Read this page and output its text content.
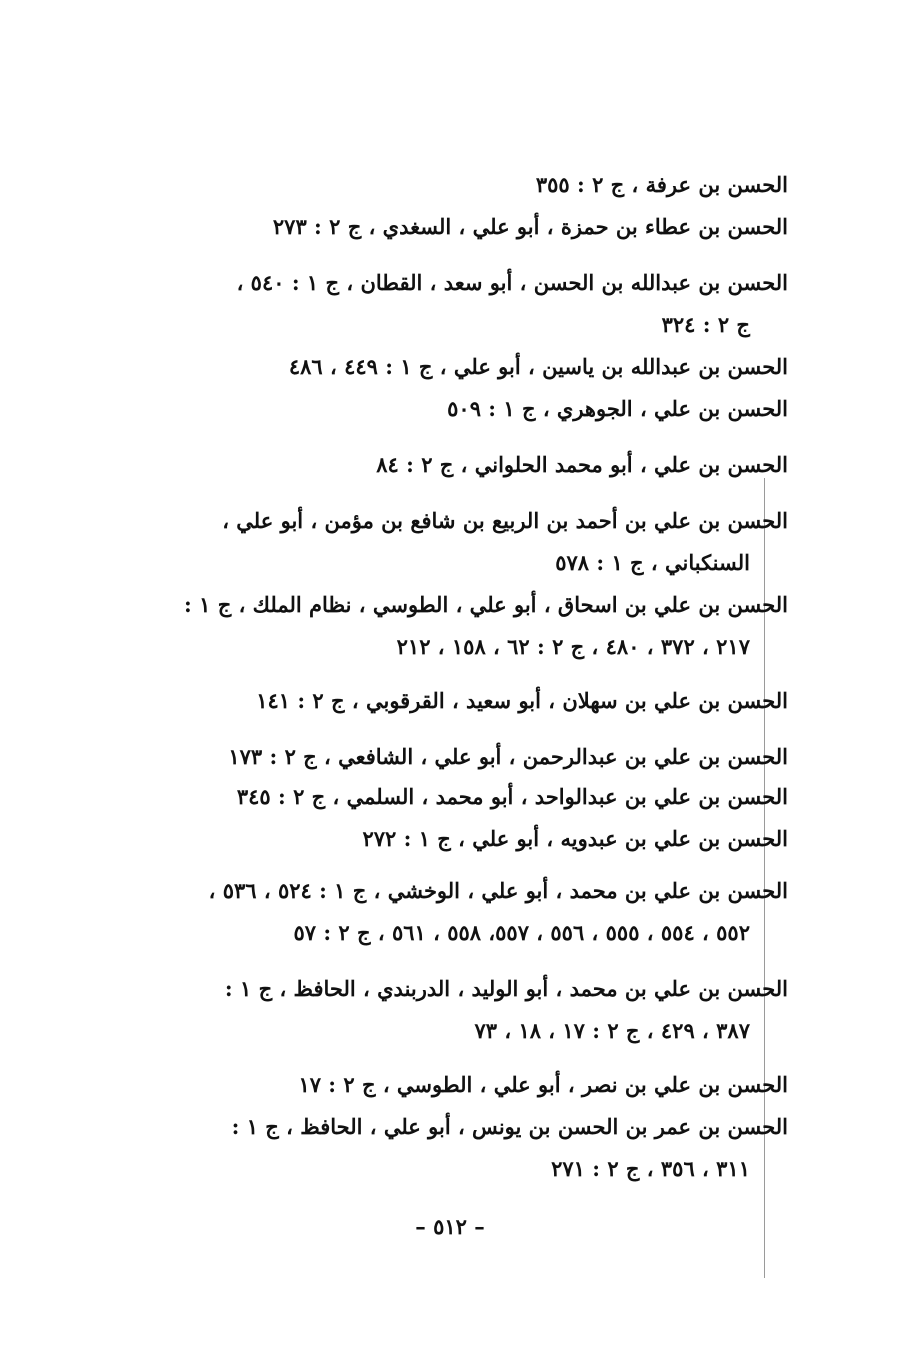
الحسن بن عرفة ، ج ٢ : ٣٥٥
الحسن بن عطاء بن حمزة ، أبو علي ، السغدي ، ج ٢ : ٢٧٣
الحسن بن عبدالله بن الحسن ، أبو سعد ، القطان ، ج ١ : ٥٤٠ ،
ج ٢ : ٣٢٤
الحسن بن عبدالله بن ياسين ، أبو علي ، ج ١ : ٤٤٩ ، ٤٨٦
الحسن بن علي ، الجوهري ، ج ١ : ٥٠٩
الحسن بن علي ، أبو محمد الحلواني ، ج ٢ : ٨٤
الحسن بن علي بن أحمد بن الربيع بن شافع بن مؤمن ، أبو علي ،
السنكباني ، ج ١ : ٥٧٨
الحسن بن علي بن اسحاق ، أبو علي ، الطوسي ، نظام الملك ، ج ١ :
٢١٧ ، ٣٧٢ ، ٤٨٠ ، ج ٢ : ٦٢ ، ١٥٨ ، ٢١٢
الحسن بن علي بن سهلان ، أبو سعيد ، القرقوبي ، ج ٢ : ١٤١
الحسن بن علي بن عبدالرحمن ، أبو علي ، الشافعي ، ج ٢ : ١٧٣
الحسن بن علي بن عبدالواحد ، أبو محمد ، السلمي ، ج ٢ : ٣٤٥
الحسن بن علي بن عبدويه ، أبو علي ، ج ١ : ٢٧٢
الحسن بن علي بن محمد ، أبو علي ، الوخشي ، ج ١ : ٥٢٤ ، ٥٣٦ ،
٥٥٢ ، ٥٥٤ ، ٥٥٥ ، ٥٥٦ ، ٥٥٧، ٥٥٨ ، ٥٦١ ، ج ٢ : ٥٧
الحسن بن علي بن محمد ، أبو الوليد ، الدربندي ، الحافظ ، ج ١ :
٣٨٧ ، ٤٢٩ ، ج ٢ : ١٧ ، ١٨ ، ٧٣
الحسن بن علي بن نصر ، أبو علي ، الطوسي ، ج ٢ : ١٧
الحسن بن عمر بن الحسن بن يونس ، أبو علي ، الحافظ ، ج ١ :
٣١١ ، ٣٥٦ ، ج ٢ : ٢٧١
– ٥١٢ –
